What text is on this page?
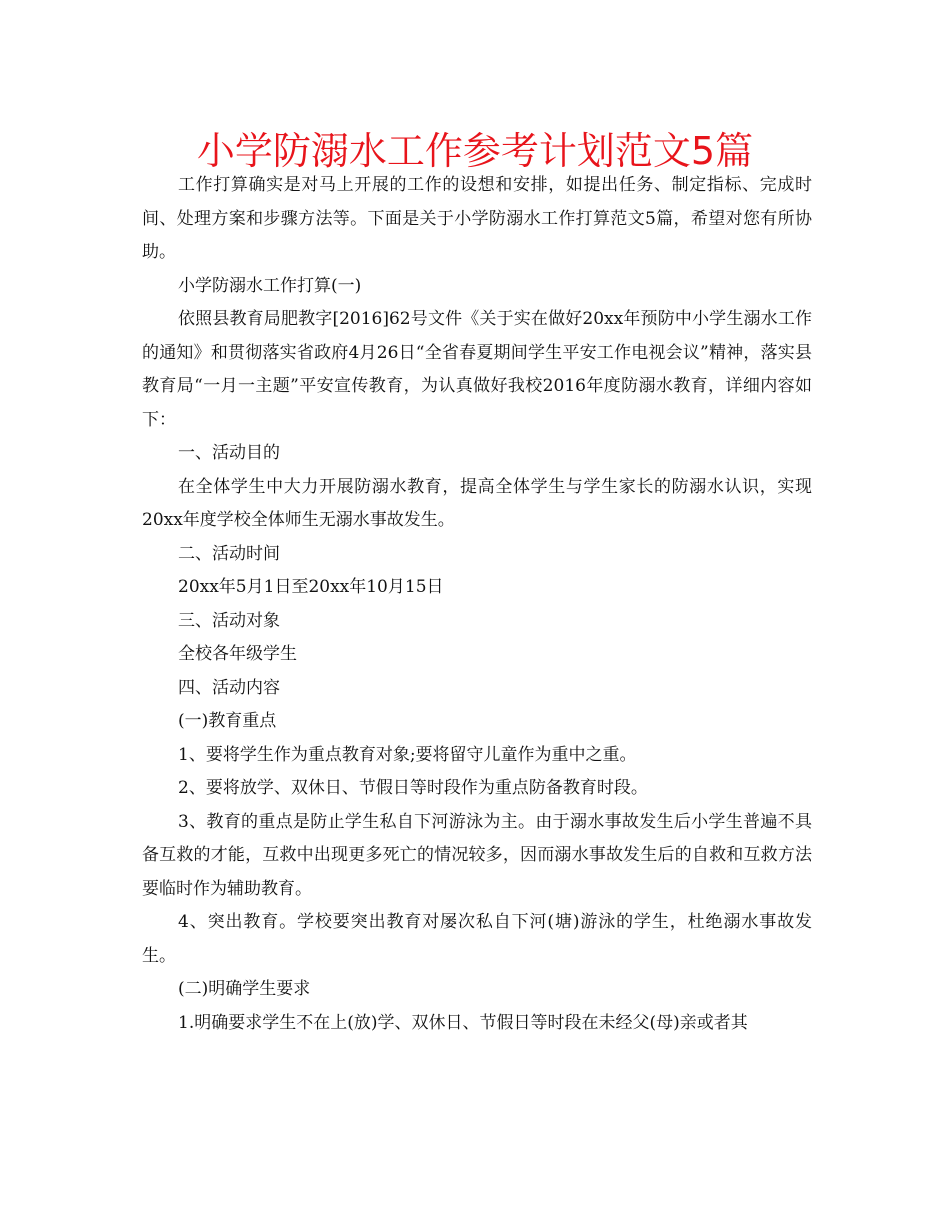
小学防溺水工作参考计划范文5篇

工作打算确实是对马上开展的工作的设想和安排，如提出任务、制定指标、完成时间、处理方案和步骤方法等。下面是关于小学防溺水工作打算范文5篇，希望对您有所协助。

小学防溺水工作打算(一)

依照县教育局肥教字[2016]62号文件《关于实在做好20xx年预防中小学生溺水工作的通知》和贯彻落实省政府4月26日“全省春夏期间学生平安工作电视会议”精神，落实县教育局“一月一主题”平安宣传教育，为认真做好我校2016年度防溺水教育，详细内容如下：

一、活动目的

在全体学生中大力开展防溺水教育，提高全体学生与学生家长的防溺水认识，实现20xx年度学校全体师生无溺水事故发生。

二、活动时间

20xx年5月1日至20xx年10月15日

三、活动对象

全校各年级学生

四、活动内容

(一)教育重点

1、要将学生作为重点教育对象;要将留守儿童作为重中之重。

2、要将放学、双休日、节假日等时段作为重点防备教育时段。

3、教育的重点是防止学生私自下河游泳为主。由于溺水事故发生后小学生普遍不具备互救的才能，互救中出现更多死亡的情况较多，因而溺水事故发生后的自救和互救方法要临时作为辅助教育。

4、突出教育。学校要突出教育对屡次私自下河(塘)游泳的学生，杜绝溺水事故发生。

(二)明确学生要求

1.明确要求学生不在上(放)学、双休日、节假日等时段在未经父(母)亲或者其
